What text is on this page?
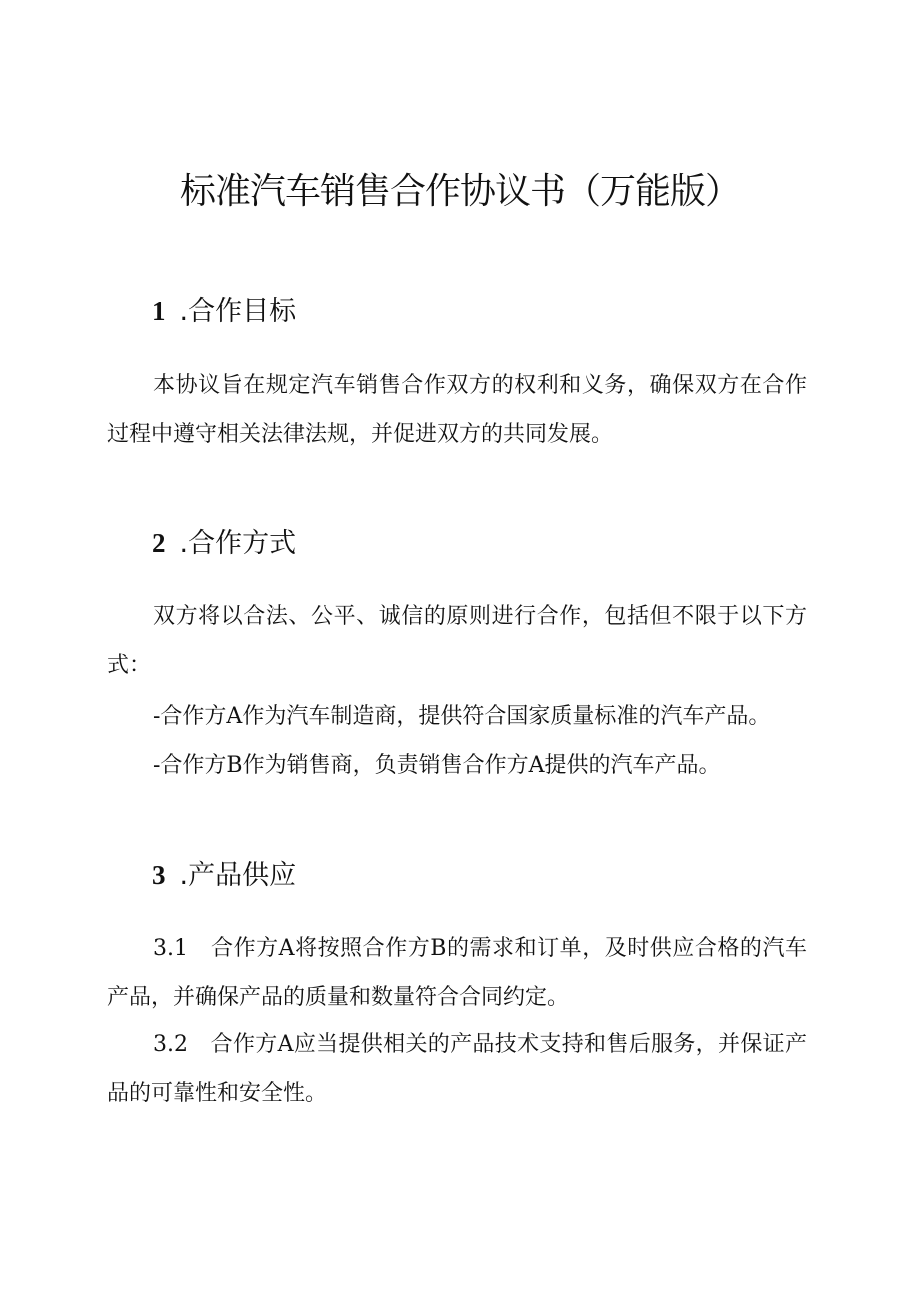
标准汽车销售合作协议书（万能版）
1 .合作目标
本协议旨在规定汽车销售合作双方的权利和义务，确保双方在合作过程中遵守相关法律法规，并促进双方的共同发展。
2 .合作方式
双方将以合法、公平、诚信的原则进行合作，包括但不限于以下方式：
-合作方A作为汽车制造商，提供符合国家质量标准的汽车产品。
-合作方B作为销售商，负责销售合作方A提供的汽车产品。
3 .产品供应
3.1　合作方A将按照合作方B的需求和订单，及时供应合格的汽车产品，并确保产品的质量和数量符合合同约定。
3.2　合作方A应当提供相关的产品技术支持和售后服务，并保证产品的可靠性和安全性。
